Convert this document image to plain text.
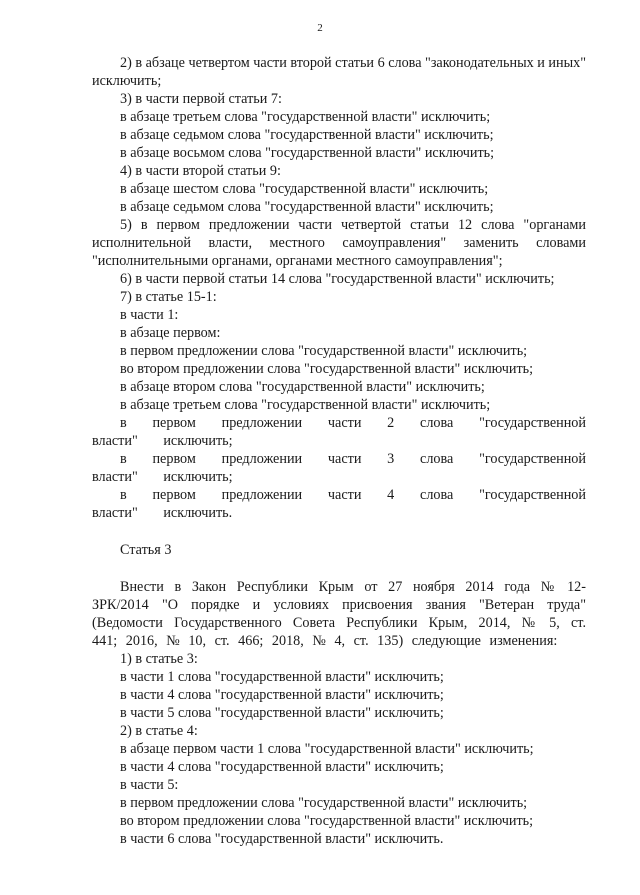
2

2) в абзаце четвертом части второй статьи 6 слова "законодательных и иных" исключить;

3) в части первой статьи 7:

в абзаце третьем слова "государственной власти" исключить;

в абзаце седьмом слова "государственной власти" исключить;

в абзаце восьмом слова "государственной власти" исключить;

4) в части второй статьи 9:

в абзаце шестом слова "государственной власти" исключить;

в абзаце седьмом слова "государственной власти" исключить;

5) в первом предложении части четвертой статьи 12 слова "органами исполнительной власти, местного самоуправления" заменить словами "исполнительными органами, органами местного самоуправления";

6) в части первой статьи 14 слова "государственной власти" исключить;

7) в статье 15-1:

в части 1:

в абзаце первом:

в первом предложении слова "государственной власти" исключить;

во втором предложении слова "государственной власти" исключить;

в абзаце втором слова "государственной власти" исключить;

в абзаце третьем слова "государственной власти" исключить;

в первом предложении части 2 слова "государственной власти" исключить;

в первом предложении части 3 слова "государственной власти" исключить;

в первом предложении части 4 слова "государственной власти" исключить.

Статья 3

Внести в Закон Республики Крым от 27 ноября 2014 года № 12-ЗРК/2014 "О порядке и условиях присвоения звания "Ветеран труда" (Ведомости Государственного Совета Республики Крым, 2014, № 5, ст. 441; 2016, № 10, ст. 466; 2018, № 4, ст. 135) следующие изменения:

1) в статье 3:

в части 1 слова "государственной власти" исключить;

в части 4 слова "государственной власти" исключить;

в части 5 слова "государственной власти" исключить;

2) в статье 4:

в абзаце первом части 1 слова "государственной власти" исключить;

в части 4 слова "государственной власти" исключить;

в части 5:

в первом предложении слова "государственной власти" исключить;

во втором предложении слова "государственной власти" исключить;

в части 6 слова "государственной власти" исключить.
